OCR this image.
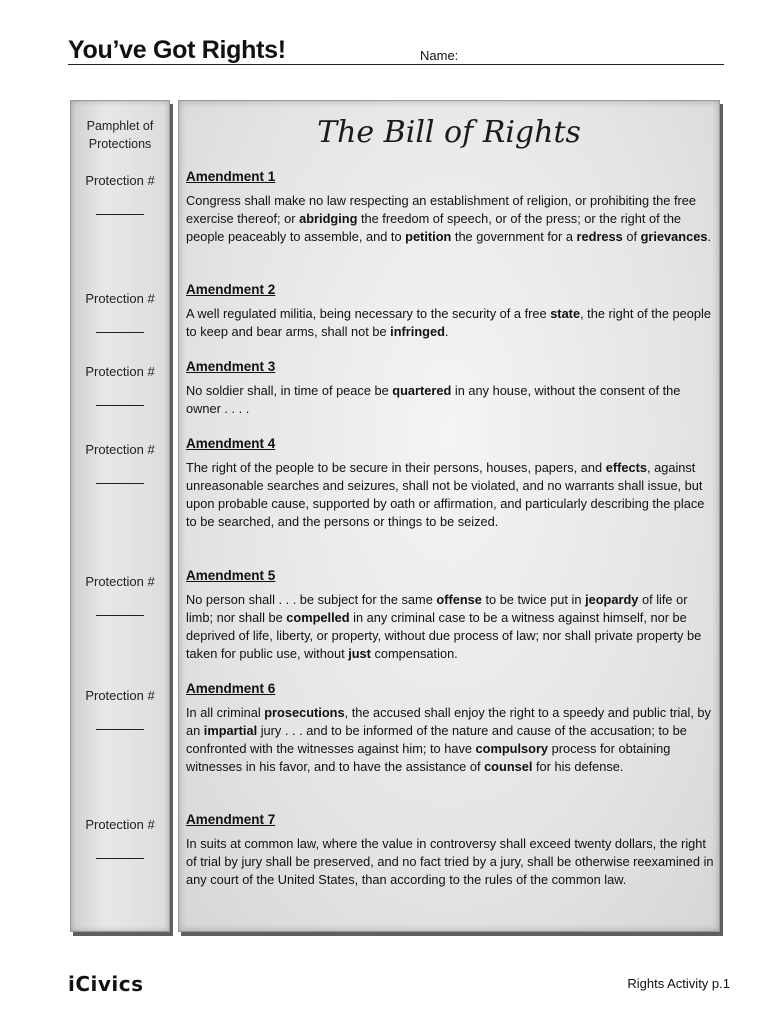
You’ve Got Rights!	Name:
Pamphlet of
Protections
Protection #
Protection #
Protection #
Protection #
Protection #
Protection #
Protection #
The Bill of Rights
Amendment 1

Congress shall make no law respecting an establishment of religion, or prohibiting the free exercise thereof; or abridging the freedom of speech, or of the press; or the right of the people peaceably to assemble, and to petition the government for a redress of grievances.

Amendment 2

A well regulated militia, being necessary to the security of a free state, the right of the people to keep and bear arms, shall not be infringed.

Amendment 3

No soldier shall, in time of peace be quartered in any house, without the consent of the owner . . . .

Amendment 4

The right of the people to be secure in their persons, houses, papers, and effects, against unreasonable searches and seizures, shall not be violated, and no warrants shall issue, but upon probable cause, supported by oath or affirmation, and particularly describing the place to be searched, and the persons or things to be seized.

Amendment 5

No person shall . . . be subject for the same offense to be twice put in jeopardy of life or limb; nor shall be compelled in any criminal case to be a witness against himself, nor be deprived of life, liberty, or property, without due process of law; nor shall private property be taken for public use, without just compensation.

Amendment 6

In all criminal prosecutions, the accused shall enjoy the right to a speedy and public trial, by an impartial jury . . . and to be informed of the nature and cause of the accusation; to be confronted with the witnesses against him; to have compulsory process for obtaining witnesses in his favor, and to have the assistance of counsel for his defense.

Amendment 7

In suits at common law, where the value in controversy shall exceed twenty dollars, the right of trial by jury shall be preserved, and no fact tried by a jury, shall be otherwise reexamined in any court of the United States, than according to the rules of the common law.

iCivics	Rights Activity p.1
